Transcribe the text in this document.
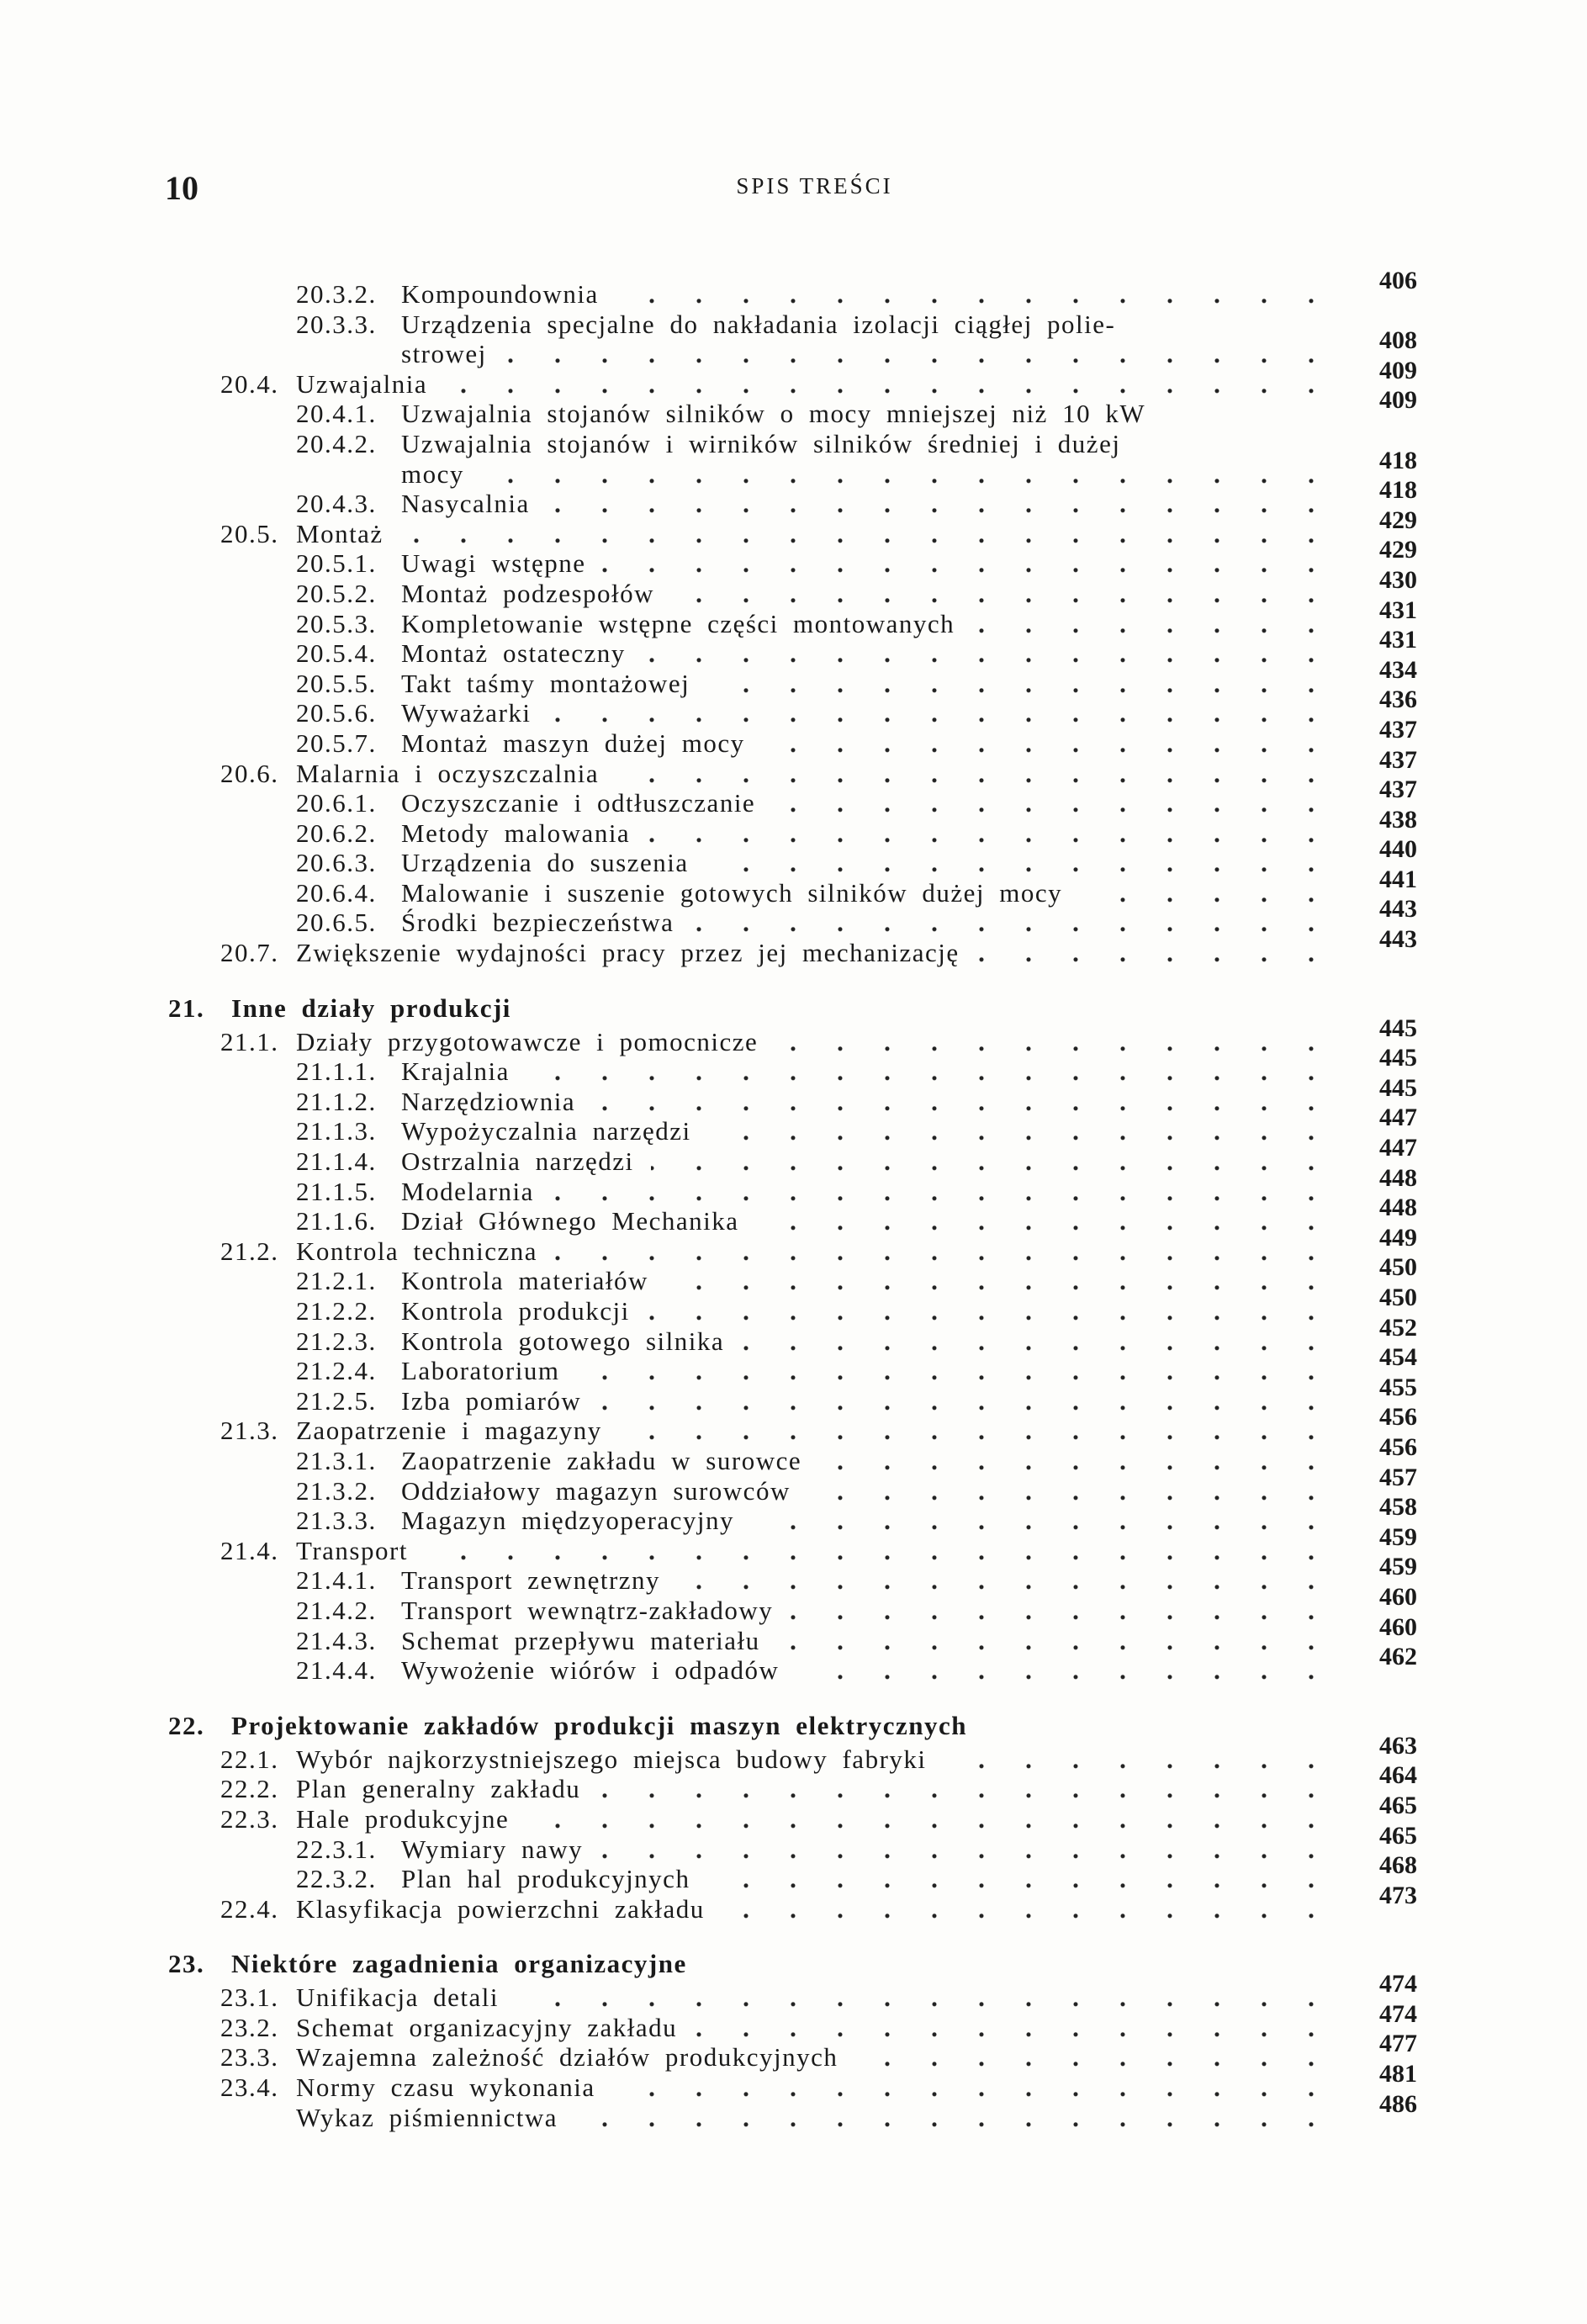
10	SPIS TREŚCI
20.3.2. Kompoundownia	406
20.3.3. Urządzenia specjalne do nakładania izolacji ciągłej polie-
strowej	408
20.4. Uzwajalnia	409
20.4.1. Uzwajalnia stojanów silników o mocy mniejszej niż 10 kW	409
20.4.2. Uzwajalnia stojanów i wirników silników średniej i dużej
mocy	418
20.4.3. Nasycalnia	418
20.5. Montaż	429
20.5.1. Uwagi wstępne	429
20.5.2. Montaż podzespołów	430
20.5.3. Kompletowanie wstępne części montowanych	431
20.5.4. Montaż ostateczny	431
20.5.5. Takt taśmy montażowej	434
20.5.6. Wyważarki	436
20.5.7. Montaż maszyn dużej mocy	437
20.6. Malarnia i oczyszczalnia	437
20.6.1. Oczyszczanie i odtłuszczanie	437
20.6.2. Metody malowania	438
20.6.3. Urządzenia do suszenia	440
20.6.4. Malowanie i suszenie gotowych silników dużej mocy	441
20.6.5. Środki bezpieczeństwa	443
20.7. Zwiększenie wydajności pracy przez jej mechanizację	443
21. Inne działy produkcji
21.1. Działy przygotowawcze i pomocnicze	445
21.1.1. Krajalnia	445
21.1.2. Narzędziownia	445
21.1.3. Wypożyczalnia narzędzi	447
21.1.4. Ostrzalnia narzędzi	447
21.1.5. Modelarnia	448
21.1.6. Dział Głównego Mechanika	448
21.2. Kontrola techniczna	449
21.2.1. Kontrola materiałów	450
21.2.2. Kontrola produkcji	450
21.2.3. Kontrola gotowego silnika	452
21.2.4. Laboratorium	454
21.2.5. Izba pomiarów	455
21.3. Zaopatrzenie i magazyny	456
21.3.1. Zaopatrzenie zakładu w surowce	456
21.3.2. Oddziałowy magazyn surowców	457
21.3.3. Magazyn międzyoperacyjny	458
21.4. Transport	459
21.4.1. Transport zewnętrzny	459
21.4.2. Transport wewnątrz-zakładowy	460
21.4.3. Schemat przepływu materiału	460
21.4.4. Wywożenie wiórów i odpadów	462
22. Projektowanie zakładów produkcji maszyn elektrycznych
22.1. Wybór najkorzystniejszego miejsca budowy fabryki	463
22.2. Plan generalny zakładu	464
22.3. Hale produkcyjne	465
22.3.1. Wymiary nawy	465
22.3.2. Plan hal produkcyjnych	468
22.4. Klasyfikacja powierzchni zakładu	473
23. Niektóre zagadnienia organizacyjne
23.1. Unifikacja detali	474
23.2. Schemat organizacyjny zakładu	474
23.3. Wzajemna zależność działów produkcyjnych	477
23.4. Normy czasu wykonania	481
Wykaz piśmiennictwa	486
